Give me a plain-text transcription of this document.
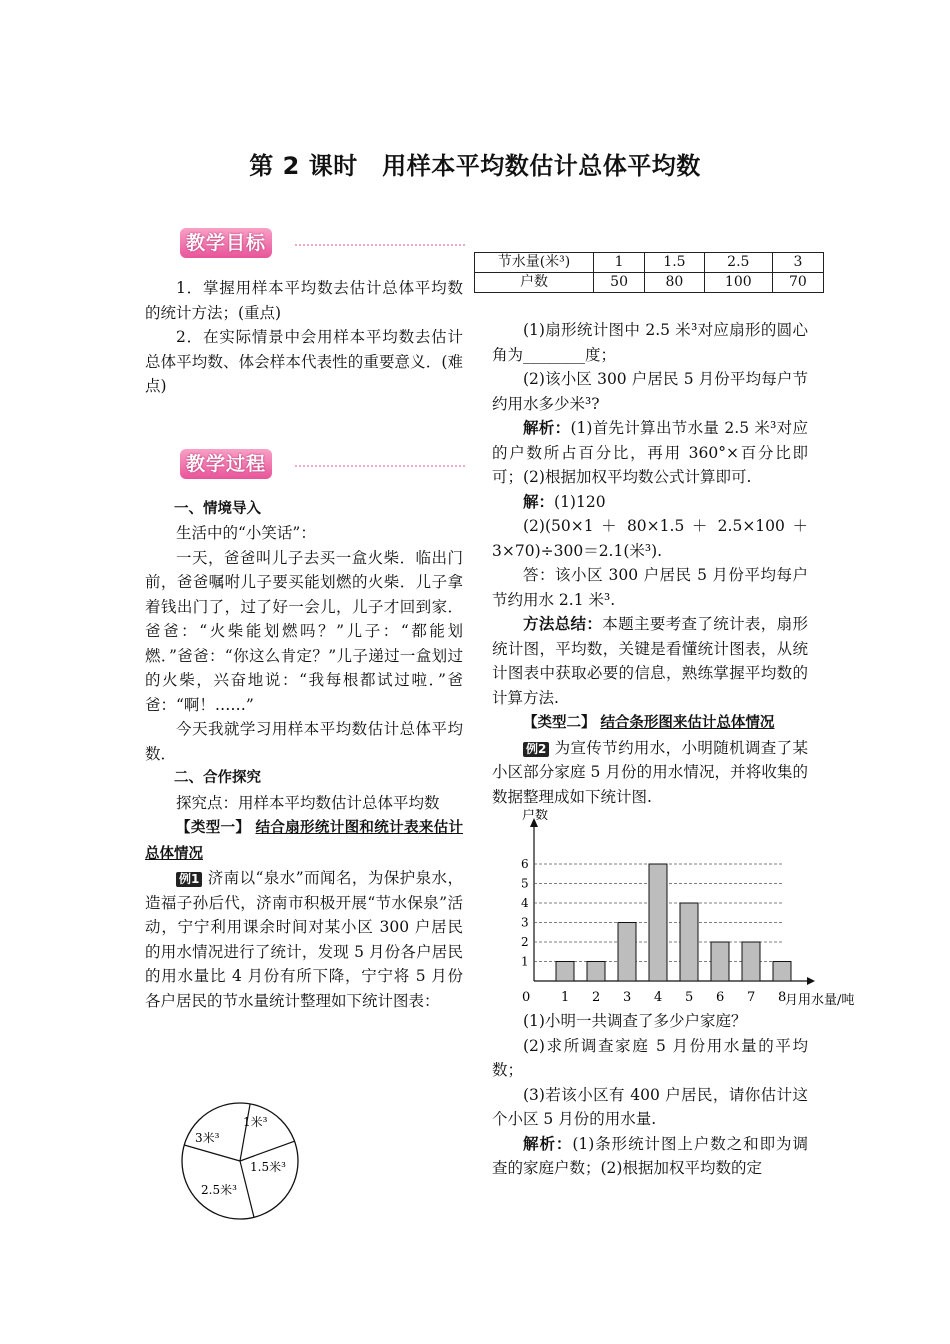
第 2 课时　用样本平均数估计总体平均数
教学目标

1．掌握用样本平均数去估计总体平均数的统计方法；(重点)

2．在实际情景中会用样本平均数去估计总体平均数、体会样本代表性的重要意义．(难点)

教学过程

一、情境导入

生活中的“小笑话”：

一天，爸爸叫儿子去买一盒火柴．临出门前，爸爸嘱咐儿子要买能划燃的火柴．儿子拿着钱出门了，过了好一会儿，儿子才回到家．爸爸：“火柴能划燃吗？”儿子：“都能划燃．”爸爸：“你这么肯定？”儿子递过一盒划过的火柴，兴奋地说：“我每根都试过啦．”爸爸：“啊！……”

今天我就学习用样本平均数估计总体平均数．

二、合作探究

探究点：用样本平均数估计总体平均数

【类型一】 结合扇形统计图和统计表来估计总体情况

例1 济南以“泉水”而闻名，为保护泉水，造福子孙后代，济南市积极开展“节水保泉”活动，宁宁利用课余时间对某小区 300 户居民的用水情况进行了统计，发现 5 月份各户居民的用水量比 4 月份有所下降，宁宁将 5 月份各户居民的节水量统计整理如下统计图表：

1米³
1.5米³
2.5米³
3米³
节水量(米³)	1	1.5	2.5	3
户数	50	80	100	70

(1)扇形统计图中 2.5 米³对应扇形的圆心角为________度；

(2)该小区 300 户居民 5 月份平均每户节约用水多少米³?

解析：(1)首先计算出节水量 2.5 米³对应的户数所占百分比，再用 360°×百分比即可；(2)根据加权平均数公式计算即可.

解：(1)120

(2)(50×1 ＋ 80×1.5 ＋ 2.5×100 ＋ 3×70)÷300＝2.1(米³).

答：该小区 300 户居民 5 月份平均每户节约用水 2.1 米³.

方法总结：本题主要考查了统计表，扇形统计图，平均数，关键是看懂统计图表，从统计图表中获取必要的信息，熟练掌握平均数的计算方法.

【类型二】 结合条形图来估计总体情况

例2 为宣传节约用水，小明随机调查了某小区部分家庭 5 月份的用水情况，并将收集的数据整理成如下统计图.

户数
月用水量/吨
0
1
2
3
4
5
6
1 2 3 4 5 6 7 8

(1)小明一共调查了多少户家庭？

(2)求所调查家庭 5 月份用水量的平均数；

(3)若该小区有 400 户居民，请你估计这个小区 5 月份的用水量.

解析：(1)条形统计图上户数之和即为调查的家庭户数；(2)根据加权平均数的定
